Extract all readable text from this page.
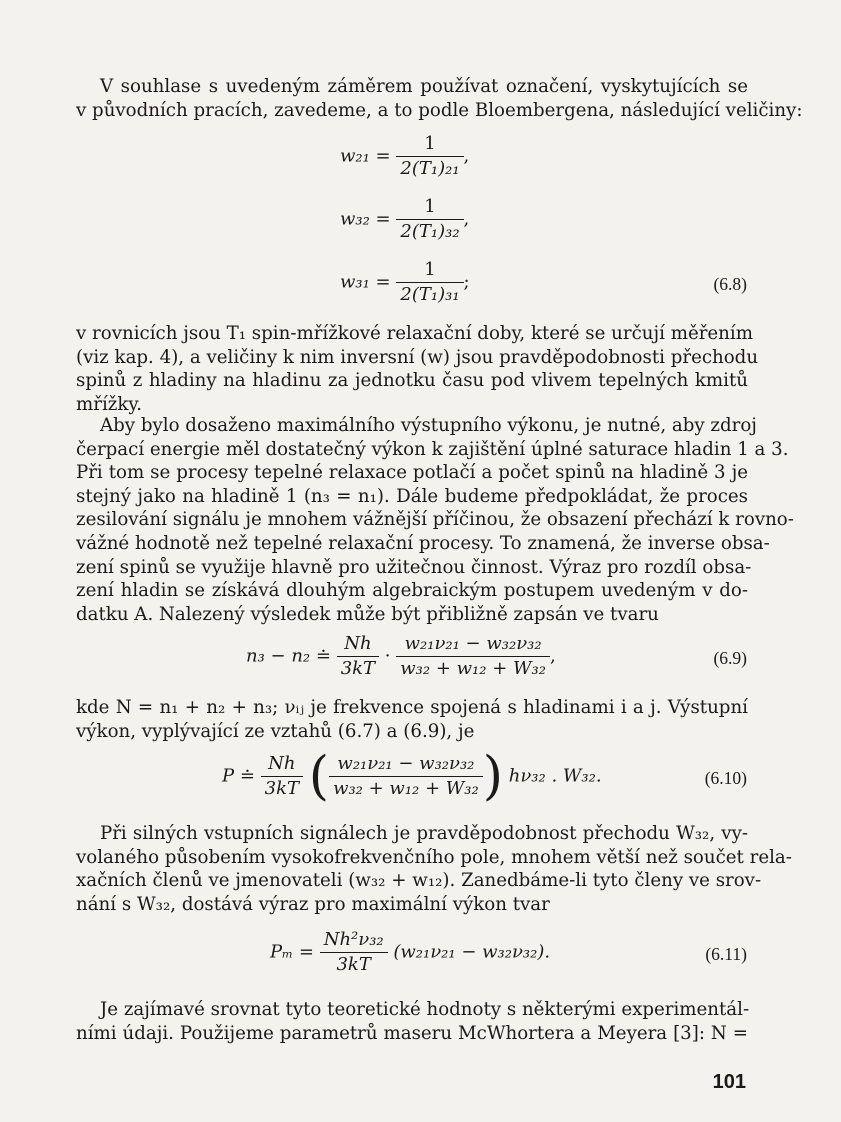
V souhlase s uvedeným záměrem používat označení, vyskytujících se
v původních pracích, zavedeme, a to podle Bloembergena, následující veličiny:
$w_{21} = \frac{1}{\text{2(T₁)₂₁}}$ ,
$w_{32} = \frac{1}{\text{2(T₁)₃₂}}$ ,
$w_{31} = \frac{1}{\text{2(T₁)₃₁}}$ ;	(6.8)
v rovnicích jsou T₁ spin-mřížkové relaxační doby, které se určují měřením
(viz kap. 4), a veličiny k nim inversní (w) jsou pravděpodobnosti přechodu
spinů z hladiny na hladinu za jednotku času pod vlivem tepelných kmitů
mřížky.
Aby bylo dosaženo maximálního výstupního výkonu, je nutné, aby zdroj
čerpací energie měl dostatečný výkon k zajištění úplné saturace hladin 1 a 3.
Při tom se procesy tepelné relaxace potlačí a počet spinů na hladině 3 je
stejný jako na hladině 1 (n₃ = n₁). Dále budeme předpokládat, že proces
zesilování signálu je mnohem vážnější příčinou, že obsazení přechází k rovno-
vážné hodnotě než tepelné relaxační procesy. To znamená, že inverse obsa-
zení spinů se využije hlavně pro užitečnou činnost. Výraz pro rozdíl obsa-
zení hladin se získává dlouhým algebraickým postupem uvedeným v do-
datku A. Nalezený výsledek může být přibližně zapsán ve tvaru
n₃ − n₂ ≐ $\frac{Nh}{3kT} \cdot \frac{\text{w₂₁ν₂₁ − w₃₂ν₃₂}}{\text{w₃₂ + w₁₂ + W₃₂}}$ ,	(6.9)
kde N = n₁ + n₂ + n₃; νᵢⱼ je frekvence spojená s hladinami i a j. Výstupní
výkon, vyplývající ze vztahů (6.7) a (6.9), je
P ≐ $\frac{Nh}{3kT}$ ( $\frac{\text{w₂₁ν₂₁ − w₃₂ν₃₂}}{\text{w₃₂ + w₁₂ + W₃₂}}$ ) hν₃₂ . W₃₂.	(6.10)
Při silných vstupních signálech je pravděpodobnost přechodu W₃₂, vy-
volaného působením vysokofrekvenčního pole, mnohem větší než součet rela-
xačních členů ve jmenovateli (w₃₂ + w₁₂). Zanedbáme-li tyto členy ve srov-
nání s W₃₂, dostává výraz pro maximální výkon tvar
$P_m = \frac{\text{Nh²ν₃₂}}{3kT} (w_{21}\nu_{21} - w_{32}\nu_{32})$.	(6.11)
Je zajímavé srovnat tyto teoretické hodnoty s některými experimentál-
ními údaji. Použijeme parametrů maseru McWhortera a Meyera [3]: N =
101
